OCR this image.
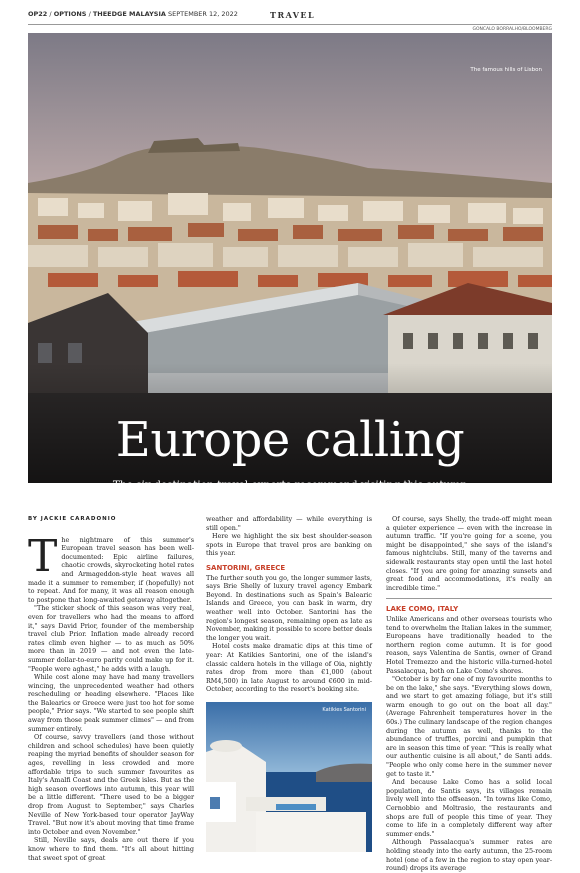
OP22 / OPTIONS / THEEDGE MALAYSIA SEPTEMBER 12, 2022	TRAVEL
GONCALO BORRALHO/BLOOMBERG
The famous hills of Lisbon
Europe calling
The six destination travel experts recommend visiting this autumn
BY JACKIE CARADONIO

The nightmare of this summer's European travel season has been well-documented: Epic airline failures, chaotic crowds, skyrocketing hotel rates and Armageddon-style heat waves all made it a summer to remember, if (hopefully) not to repeat. And for many, it was all reason enough to postpone that long-awaited getaway altogether.

"The sticker shock of this season was very real, even for travellers who had the means to afford it," says David Prior, founder of the membership travel club Prior. Inflation made already record rates climb even higher — to as much as 50% more than in 2019 — and not even the late-summer dollar-to-euro parity could make up for it. "People were aghast," he adds with a laugh.

While cost alone may have had many travellers wincing, the unprecedented weather had others rescheduling or heading elsewhere. "Places like the Balearics or Greece were just too hot for some people," Prior says. "We started to see people shift away from those peak summer climes" — and from summer entirely.

Of course, savvy travellers (and those without children and school schedules) have been quietly reaping the myriad benefits of shoulder season for ages, revelling in less crowded and more affordable trips to such summer favourites as Italy's Amalfi Coast and the Greek isles. But as the high season overflows into autumn, this year will be a little different. "There used to be a bigger drop from August to September," says Charles Neville of New York-based tour operator JayWay Travel. "But now it's about moving that time frame into October and even November."

Still, Neville says, deals are out there if you know where to find them. "It's all about hitting that sweet spot of great

weather and affordability — while everything is still open."

Here we highlight the six best shoulder-season spots in Europe that travel pros are banking on this year.

SANTORINI, GREECE

The further south you go, the longer summer lasts, says Brie Shelly of luxury travel agency Embark Beyond. In destinations such as Spain's Balearic Islands and Greece, you can bask in warm, dry weather well into October. Santorini has the region's longest season, remaining open as late as November, making it possible to score better deals the longer you wait.

Hotel costs make dramatic dips at this time of year: At Katikies Santorini, one of the island's classic caldera hotels in the village of Oia, nightly rates drop from more than €1,000 (about RM4,500) in late August to around €600 in mid-October, according to the resort's booking site.

Katikies Santorini

Of course, says Shelly, the trade-off might mean a quieter experience — even with the increase in autumn traffic. "If you're going for a scene, you might be disappointed," she says of the island's famous nightclubs. Still, many of the taverns and sidewalk restaurants stay open until the last hotel closes. "If you are going for amazing sunsets and great food and accommodations, it's really an incredible time."

LAKE COMO, ITALY

Unlike Americans and other overseas tourists who tend to overwhelm the Italian lakes in the summer, Europeans have traditionally headed to the northern region come autumn. It is for good reason, says Valentina de Santis, owner of Grand Hotel Tremezzo and the historic villa-turned-hotel Passalacqua, both on Lake Como's shores.

"October is by far one of my favourite months to be on the lake," she says. "Everything slows down, and we start to get amazing foliage, but it's still warm enough to go out on the boat all day." (Average Fahrenheit temperatures hover in the 60s.) The culinary landscape of the region changes during the autumn as well, thanks to the abundance of truffles, porcini and pumpkin that are in season this time of year. "This is really what our authentic cuisine is all about," de Santi adds. "People who only come here in the summer never get to taste it."

And because Lake Como has a solid local population, de Santis says, its villages remain lively well into the offseason. "In towns like Como, Cernobbio and Moltrasio, the restaurants and shops are full of people this time of year. They come to life in a completely different way after summer ends."

Although Passalacqua's summer rates are holding steady into the early autumn, the 25-room hotel (one of a few in the region to stay open year-round) drops its average
